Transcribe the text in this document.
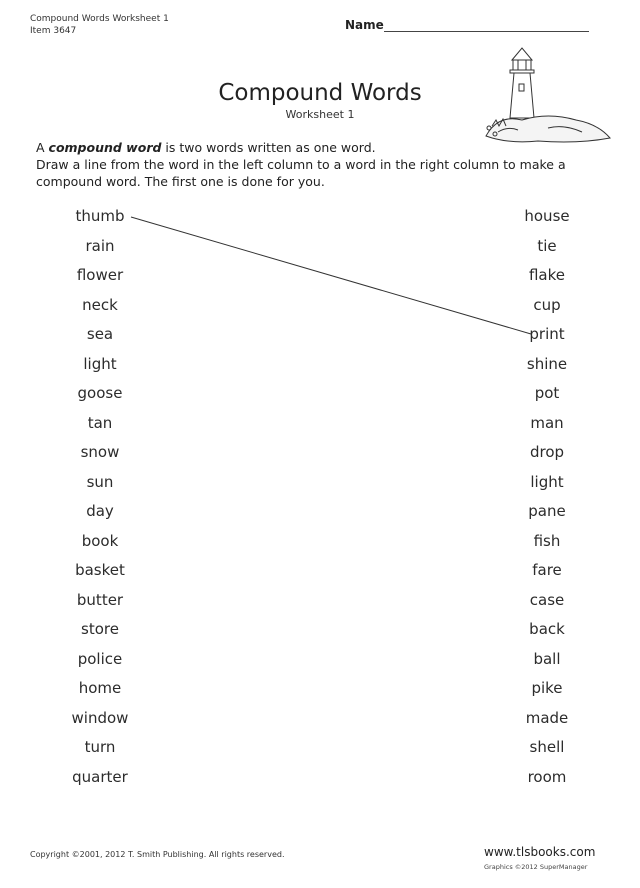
Compound Words Worksheet 1
Item 3647	Name
Compound Words
Worksheet 1
A compound word is two words written as one word.
Draw a line from the word in the left column to a word in the right column to make a
compound word. The first one is done for you.
thumb
rain
flower
neck
sea
light
goose
tan
snow
sun
day
book
basket
butter
store
police
home
window
turn
quarter
house
tie
flake
cup
print
shine
pot
man
drop
light
pane
fish
fare
case
back
ball
pike
made
shell
room
Copyright ©2001, 2012 T. Smith Publishing. All rights reserved.	www.tlsbooks.com
Graphics ©2012 SuperManager
